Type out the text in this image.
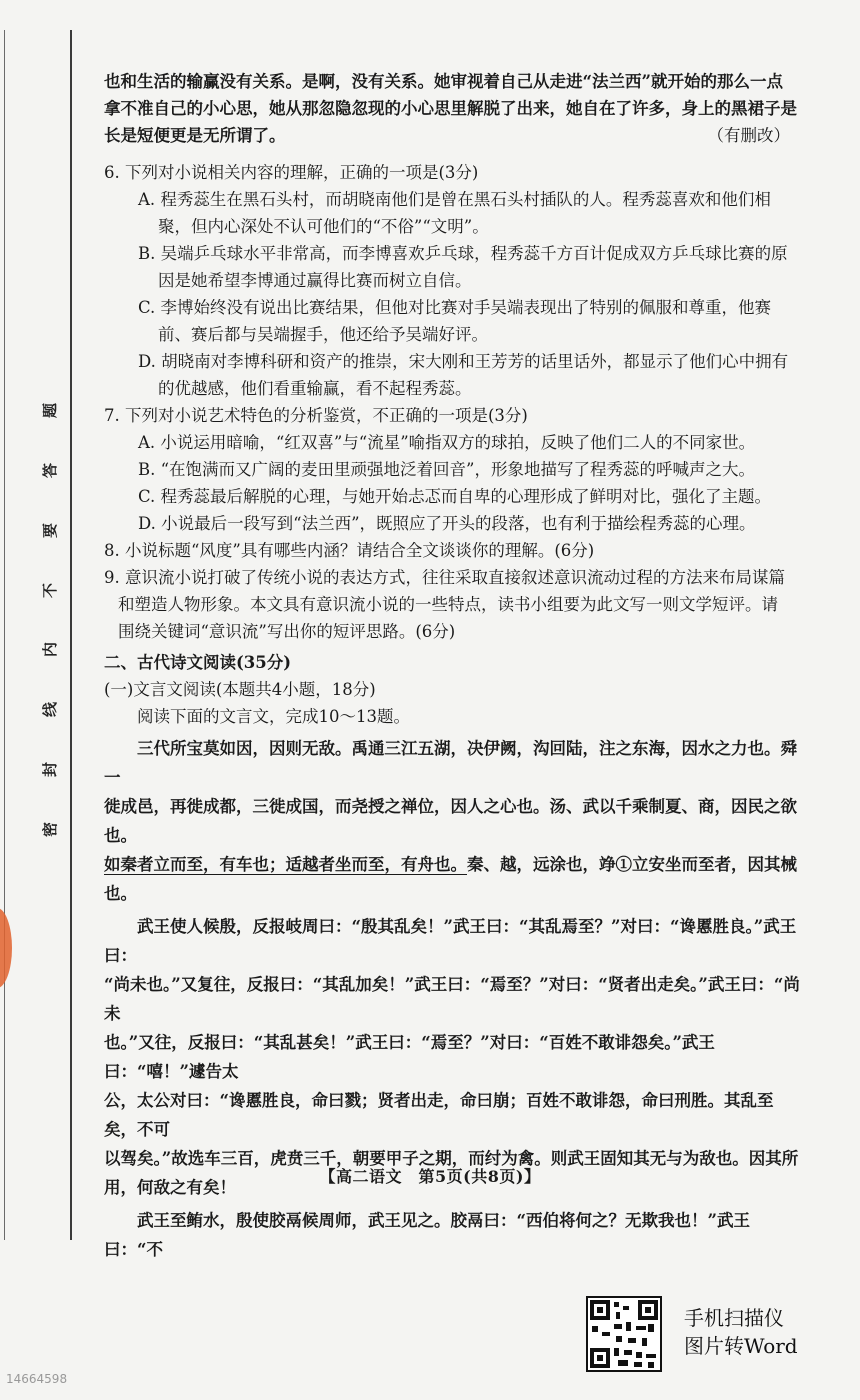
题
答
要
不
内
线
封
密

也和生活的输赢没有关系。是啊，没有关系。她审视着自己从走进“法兰西”就开始的那么一点

拿不准自己的小心思，她从那忽隐忽现的小心思里解脱了出来，她自在了许多，身上的黑裙子是

长是短便更是无所谓了。	（有删改）

6. 下列对小说相关内容的理解，正确的一项是(3分)

A. 程秀蕊生在黑石头村，而胡晓南他们是曾在黑石头村插队的人。程秀蕊喜欢和他们相

聚，但内心深处不认可他们的“不俗”“文明”。

B. 吴端乒乓球水平非常高，而李博喜欢乒乓球，程秀蕊千方百计促成双方乒乓球比赛的原

因是她希望李博通过赢得比赛而树立自信。

C. 李博始终没有说出比赛结果，但他对比赛对手吴端表现出了特别的佩服和尊重，他赛

前、赛后都与吴端握手，他还给予吴端好评。

D. 胡晓南对李博科研和资产的推崇，宋大刚和王芳芳的话里话外，都显示了他们心中拥有

的优越感，他们看重输赢，看不起程秀蕊。

7. 下列对小说艺术特色的分析鉴赏，不正确的一项是(3分)

A. 小说运用暗喻，“红双喜”与“流星”喻指双方的球拍，反映了他们二人的不同家世。

B. “在饱满而又广阔的麦田里顽强地泛着回音”，形象地描写了程秀蕊的呼喊声之大。

C. 程秀蕊最后解脱的心理，与她开始忐忑而自卑的心理形成了鲜明对比，强化了主题。

D. 小说最后一段写到“法兰西”，既照应了开头的段落，也有利于描绘程秀蕊的心理。

8. 小说标题“风度”具有哪些内涵？请结合全文谈谈你的理解。(6分)

9. 意识流小说打破了传统小说的表达方式，往往采取直接叙述意识流动过程的方法来布局谋篇

和塑造人物形象。本文具有意识流小说的一些特点，读书小组要为此文写一则文学短评。请

围绕关键词“意识流”写出你的短评思路。(6分)

二、古代诗文阅读(35分)

(一)文言文阅读(本题共4小题，18分)

阅读下面的文言文，完成10～13题。

三代所宝莫如因，因则无敌。禹通三江五湖，决伊阙，沟回陆，注之东海，因水之力也。舜一

徙成邑，再徙成都，三徙成国，而尧授之禅位，因人之心也。汤、武以千乘制夏、商，因民之欲也。

如秦者立而至，有车也；适越者坐而至，有舟也。秦、越，远涂也，竫①立安坐而至者，因其械也。

武王使人候殷，反报岐周曰：“殷其乱矣！”武王曰：“其乱焉至？”对曰：“谗慝胜良。”武王曰：

“尚未也。”又复往，反报曰：“其乱加矣！”武王曰：“焉至？”对曰：“贤者出走矣。”武王曰：“尚未

也。”又往，反报曰：“其乱甚矣！”武王曰：“焉至？”对曰：“百姓不敢诽怨矣。”武王曰：“嘻！”遽告太

公，太公对曰：“谗慝胜良，命曰戮；贤者出走，命曰崩；百姓不敢诽怨，命曰刑胜。其乱至矣，不可

以驾矣。”故选车三百，虎贲三千，朝要甲子之期，而纣为禽。则武王固知其无与为敌也。因其所

用，何敌之有矣！

武王至鲔水，殷使胶鬲候周师，武王见之。胶鬲曰：“西伯将何之？无欺我也！”武王曰：“不

【高二语文　第5页(共8页)】
手机扫描仪
图片转Word
14664598
